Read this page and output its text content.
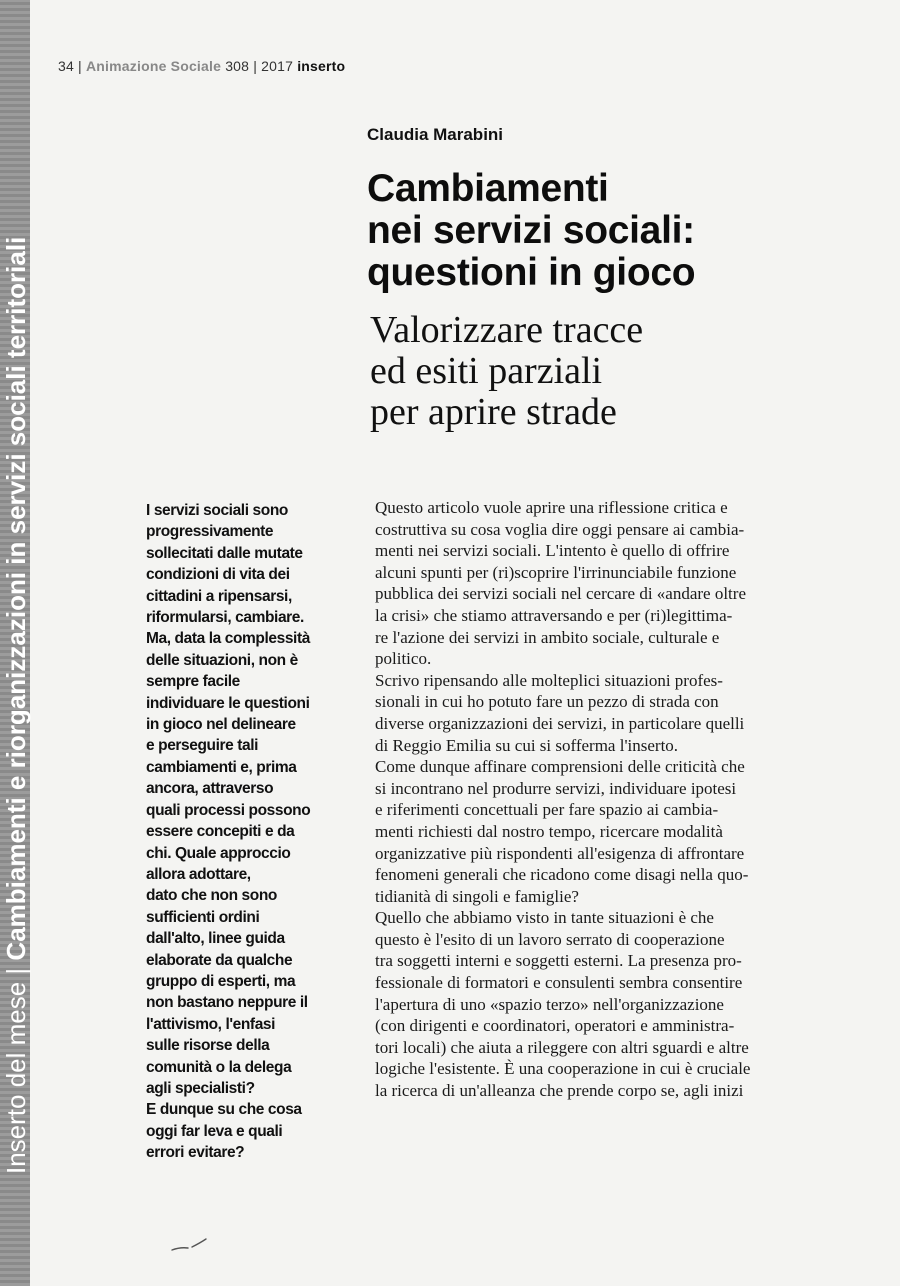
Inserto del mese | Cambiamenti e riorganizzazioni in servizi sociali territoriali
34 | Animazione Sociale 308 | 2017 inserto
Claudia Marabini
Cambiamenti
nei servizi sociali:
questioni in gioco
Valorizzare tracce
ed esiti parziali
per aprire strade
I servizi sociali sono
progressivamente
sollecitati dalle mutate
condizioni di vita dei
cittadini a ripensarsi,
riformularsi, cambiare.
Ma, data la complessità
delle situazioni, non è
sempre facile
individuare le questioni
in gioco nel delineare
e perseguire tali
cambiamenti e, prima
ancora, attraverso
quali processi possono
essere concepiti e da
chi. Quale approccio
allora adottare,
dato che non sono
sufficienti ordini
dall'alto, linee guida
elaborate da qualche
gruppo di esperti, ma
non bastano neppure il
l'attivismo, l'enfasi
sulle risorse della
comunità o la delega
agli specialisti?
E dunque su che cosa
oggi far leva e quali
errori evitare?
Questo articolo vuole aprire una riflessione critica e
costruttiva su cosa voglia dire oggi pensare ai cambia-
menti nei servizi sociali. L'intento è quello di offrire
alcuni spunti per (ri)scoprire l'irrinunciabile funzione
pubblica dei servizi sociali nel cercare di «andare oltre
la crisi» che stiamo attraversando e per (ri)legittima-
re l'azione dei servizi in ambito sociale, culturale e
politico.
Scrivo ripensando alle molteplici situazioni profes-
sionali in cui ho potuto fare un pezzo di strada con
diverse organizzazioni dei servizi, in particolare quelli
di Reggio Emilia su cui si sofferma l'inserto.
Come dunque affinare comprensioni delle criticità che
si incontrano nel produrre servizi, individuare ipotesi
e riferimenti concettuali per fare spazio ai cambia-
menti richiesti dal nostro tempo, ricercare modalità
organizzative più rispondenti all'esigenza di affrontare
fenomeni generali che ricadono come disagi nella quo-
tidianità di singoli e famiglie?
Quello che abbiamo visto in tante situazioni è che
questo è l'esito di un lavoro serrato di cooperazione
tra soggetti interni e soggetti esterni. La presenza pro-
fessionale di formatori e consulenti sembra consentire
l'apertura di uno «spazio terzo» nell'organizzazione
(con dirigenti e coordinatori, operatori e amministra-
tori locali) che aiuta a rileggere con altri sguardi e altre
logiche l'esistente. È una cooperazione in cui è cruciale
la ricerca di un'alleanza che prende corpo se, agli inizi
